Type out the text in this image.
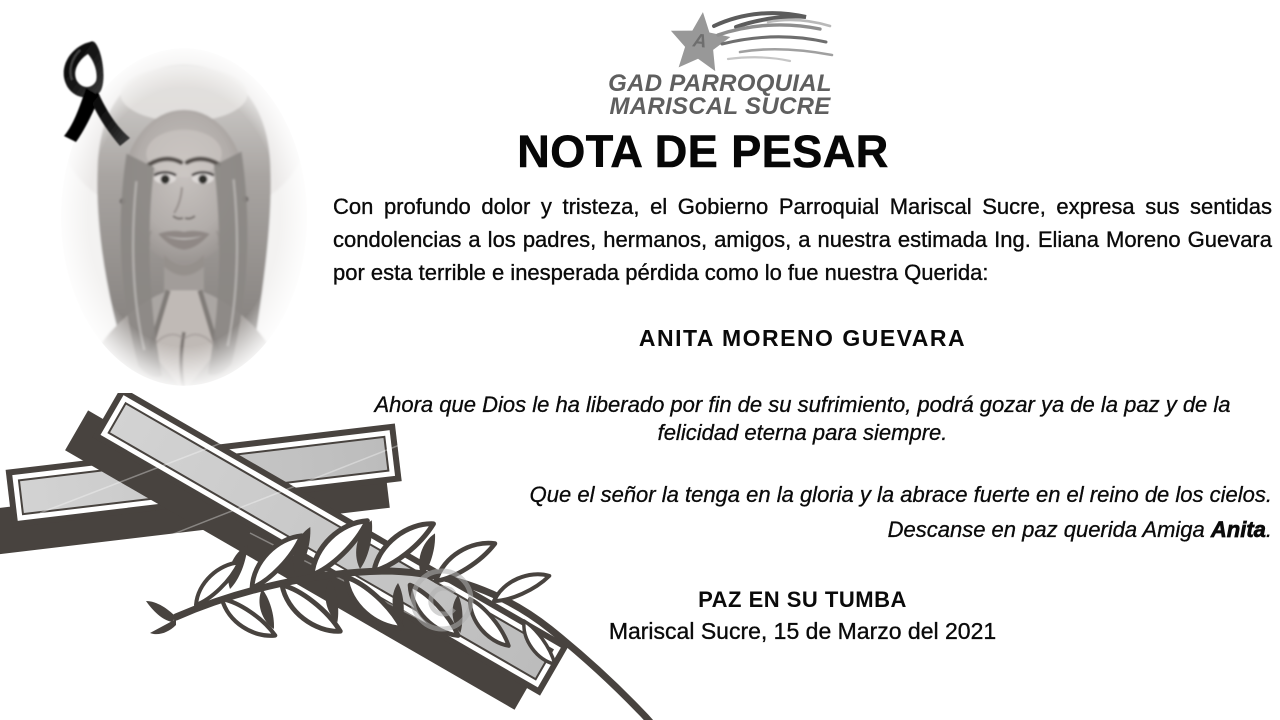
A
GAD PARROQUIAL
MARISCAL SUCRE
NOTA DE PESAR

Con profundo dolor y tristeza, el Gobierno Parroquial Mariscal Sucre, expresa sus sentidas condolencias a los padres, hermanos, amigos, a nuestra estimada Ing. Eliana Moreno Guevara por esta terrible e inesperada pérdida como lo fue nuestra Querida:

ANITA MORENO GUEVARA

Ahora que Dios le ha liberado por fin de su sufrimiento, podrá gozar ya de la paz y de la felicidad eterna para siempre.

Que el señor la tenga en la gloria y la abrace fuerte en el reino de los cielos.

Descanse en paz querida Amiga Anita.

PAZ EN SU TUMBA
Mariscal Sucre, 15 de Marzo del 2021
